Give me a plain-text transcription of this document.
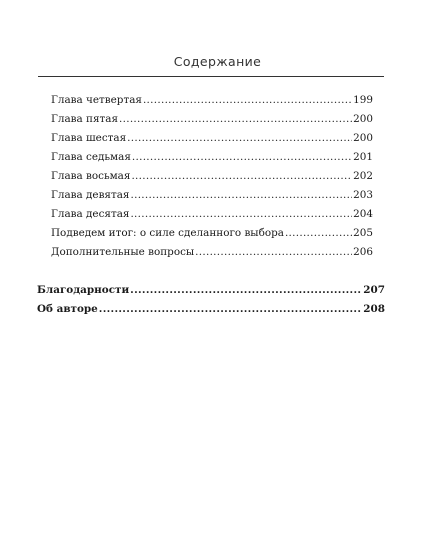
Содержание
Глава четвертая .....	199
Глава пятая .....	200
Глава шестая .....	200
Глава седьмая .....	201
Глава восьмая .....	202
Глава девятая .....	203
Глава десятая .....	204
Подведем итог: о силе сделанного выбора .....	205
Дополнительные вопросы .....	206
Благодарности .....	207
Об авторе .....	208
